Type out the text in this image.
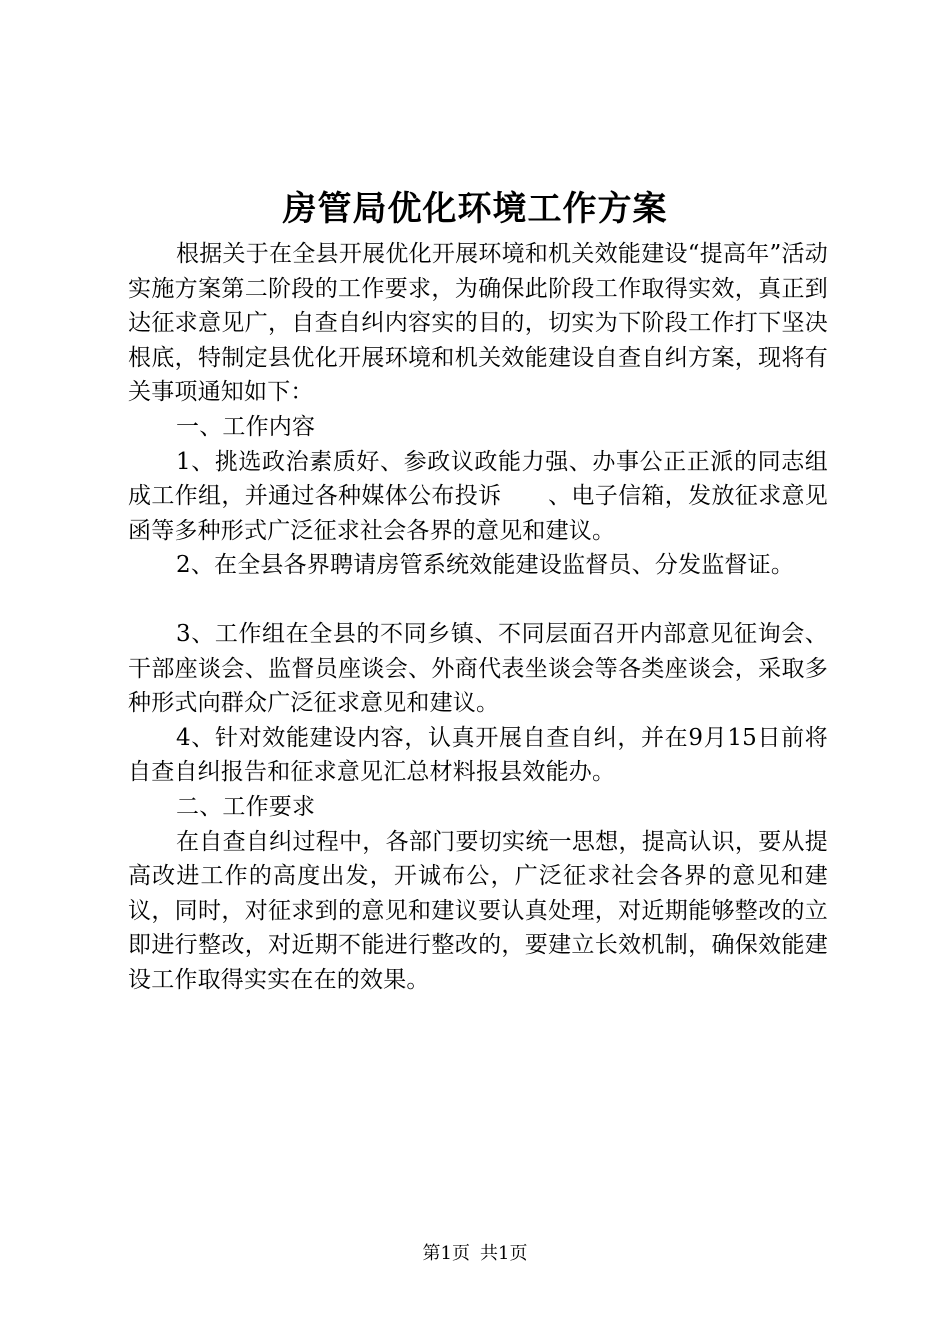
房管局优化环境工作方案

根据关于在全县开展优化开展环境和机关效能建设“提高年”活动实施方案第二阶段的工作要求，为确保此阶段工作取得实效，真正到达征求意见广，自查自纠内容实的目的，切实为下阶段工作打下坚决根底，特制定县优化开展环境和机关效能建设自查自纠方案，现将有关事项通知如下：

一、工作内容

1、挑选政治素质好、参政议政能力强、办事公正正派的同志组成工作组，并通过各种媒体公布投诉　　、电子信箱，发放征求意见函等多种形式广泛征求社会各界的意见和建议。

2、在全县各界聘请房管系统效能建设监督员、分发监督证。

3、工作组在全县的不同乡镇、不同层面召开内部意见征询会、干部座谈会、监督员座谈会、外商代表坐谈会等各类座谈会，采取多种形式向群众广泛征求意见和建议。

4、针对效能建设内容，认真开展自查自纠，并在9月15日前将自查自纠报告和征求意见汇总材料报县效能办。

二、工作要求

在自查自纠过程中，各部门要切实统一思想，提高认识，要从提高改进工作的高度出发，开诚布公，广泛征求社会各界的意见和建议，同时，对征求到的意见和建议要认真处理，对近期能够整改的立即进行整改，对近期不能进行整改的，要建立长效机制，确保效能建设工作取得实实在在的效果。

第1页 共1页
